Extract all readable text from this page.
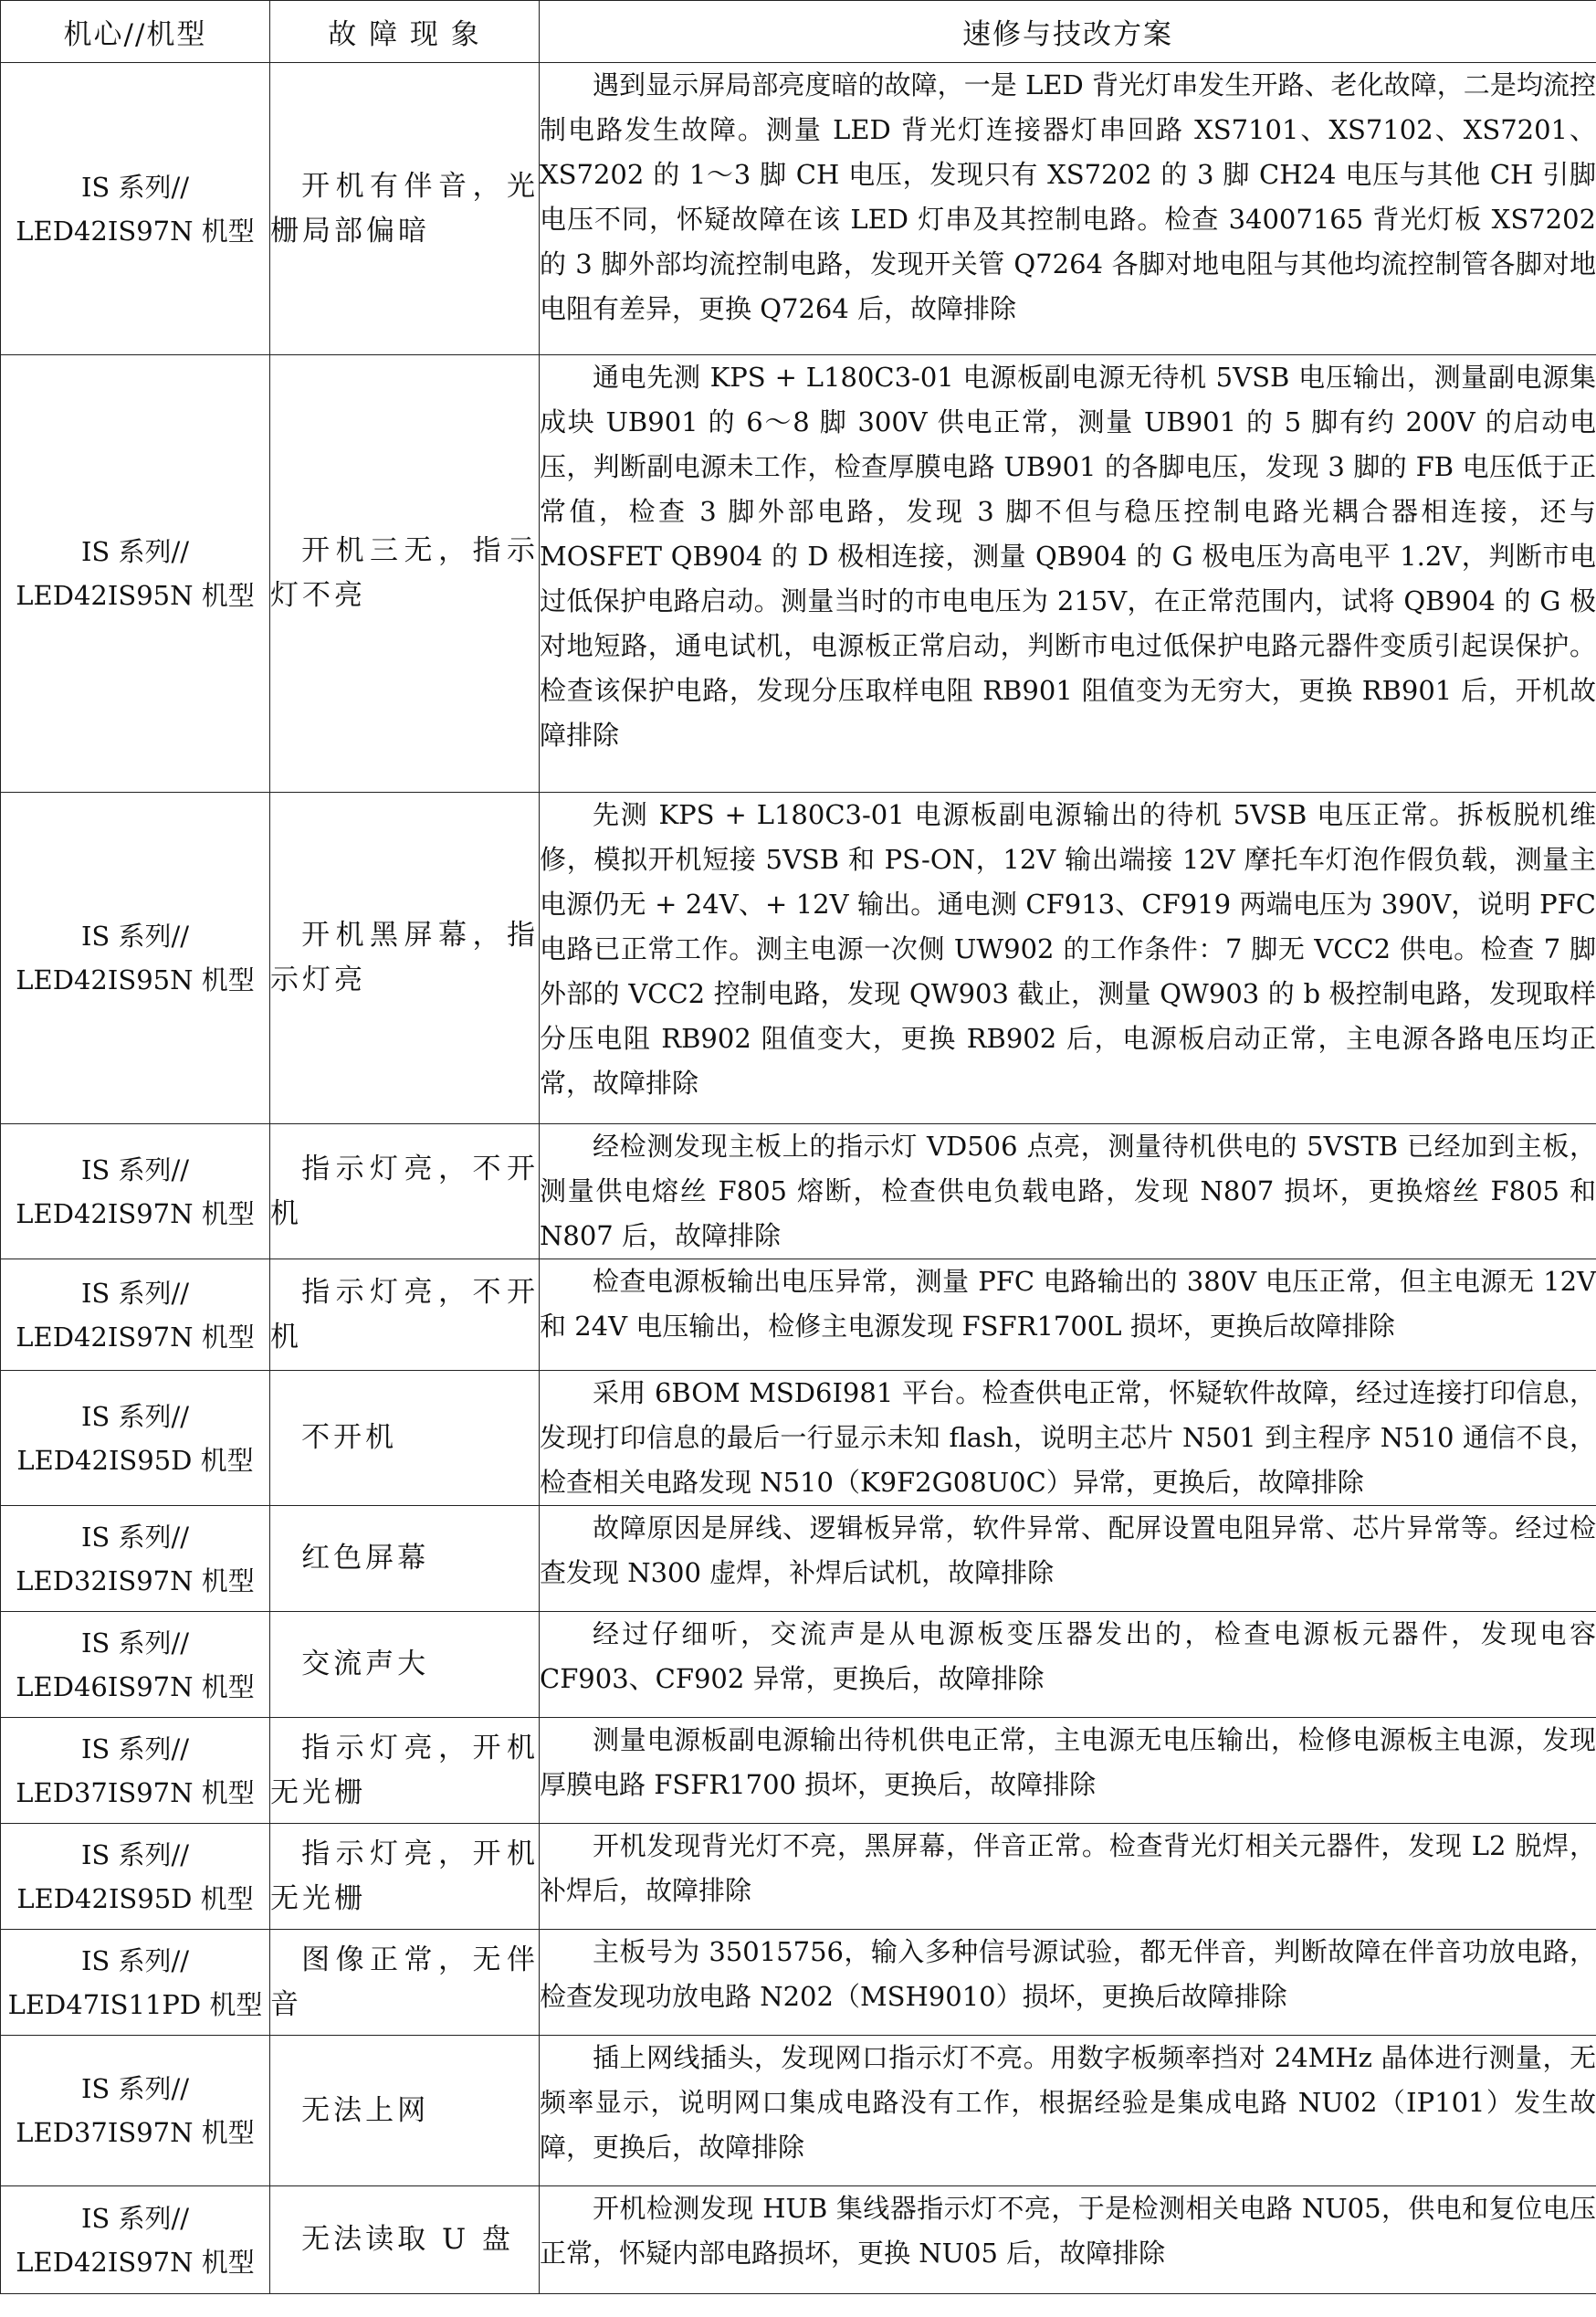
机心//机型	故 障 现 象	速修与技改方案

IS 系列//
LED42IS97N 机型	开机有伴音，光栅局部偏暗	遇到显示屏局部亮度暗的故障，一是 LED 背光灯串发生开路、老化故障，二是均流控制电路发生故障。测量 LED 背光灯连接器灯串回路 XS7101、XS7102、XS7201、XS7202 的 1～3 脚 CH 电压，发现只有 XS7202 的 3 脚 CH24 电压与其他 CH 引脚电压不同，怀疑故障在该 LED 灯串及其控制电路。检查 34007165 背光灯板 XS7202 的 3 脚外部均流控制电路，发现开关管 Q7264 各脚对地电阻与其他均流控制管各脚对地电阻有差异，更换 Q7264 后，故障排除

IS 系列//
LED42IS95N 机型	开机三无，指示灯不亮	通电先测 KPS + L180C3-01 电源板副电源无待机 5VSB 电压输出，测量副电源集成块 UB901 的 6～8 脚 300V 供电正常，测量 UB901 的 5 脚有约 200V 的启动电压，判断副电源未工作，检查厚膜电路 UB901 的各脚电压，发现 3 脚的 FB 电压低于正常值，检查 3 脚外部电路，发现 3 脚不但与稳压控制电路光耦合器相连接，还与 MOSFET QB904 的 D 极相连接，测量 QB904 的 G 极电压为高电平 1.2V，判断市电过低保护电路启动。测量当时的市电电压为 215V，在正常范围内，试将 QB904 的 G 极对地短路，通电试机，电源板正常启动，判断市电过低保护电路元器件变质引起误保护。检查该保护电路，发现分压取样电阻 RB901 阻值变为无穷大，更换 RB901 后，开机故障排除

IS 系列//
LED42IS95N 机型	开机黑屏幕，指示灯亮	先测 KPS + L180C3-01 电源板副电源输出的待机 5VSB 电压正常。拆板脱机维修，模拟开机短接 5VSB 和 PS-ON，12V 输出端接 12V 摩托车灯泡作假负载，测量主电源仍无 + 24V、+ 12V 输出。通电测 CF913、CF919 两端电压为 390V，说明 PFC 电路已正常工作。测主电源一次侧 UW902 的工作条件：7 脚无 VCC2 供电。检查 7 脚外部的 VCC2 控制电路，发现 QW903 截止，测量 QW903 的 b 极控制电路，发现取样分压电阻 RB902 阻值变大，更换 RB902 后，电源板启动正常，主电源各路电压均正常，故障排除

IS 系列//
LED42IS97N 机型	指示灯亮，不开机	经检测发现主板上的指示灯 VD506 点亮，测量待机供电的 5VSTB 已经加到主板，测量供电熔丝 F805 熔断，检查供电负载电路，发现 N807 损坏，更换熔丝 F805 和 N807 后，故障排除

IS 系列//
LED42IS97N 机型	指示灯亮，不开机	检查电源板输出电压异常，测量 PFC 电路输出的 380V 电压正常，但主电源无 12V 和 24V 电压输出，检修主电源发现 FSFR1700L 损坏，更换后故障排除

IS 系列//
LED42IS95D 机型	不开机	采用 6BOM MSD6I981 平台。检查供电正常，怀疑软件故障，经过连接打印信息，发现打印信息的最后一行显示未知 flash，说明主芯片 N501 到主程序 N510 通信不良，检查相关电路发现 N510（K9F2G08U0C）异常，更换后，故障排除

IS 系列//
LED32IS97N 机型	红色屏幕	故障原因是屏线、逻辑板异常，软件异常、配屏设置电阻异常、芯片异常等。经过检查发现 N300 虚焊，补焊后试机，故障排除

IS 系列//
LED46IS97N 机型	交流声大	经过仔细听，交流声是从电源板变压器发出的，检查电源板元器件，发现电容 CF903、CF902 异常，更换后，故障排除

IS 系列//
LED37IS97N 机型	指示灯亮，开机无光栅	测量电源板副电源输出待机供电正常，主电源无电压输出，检修电源板主电源，发现厚膜电路 FSFR1700 损坏，更换后，故障排除

IS 系列//
LED42IS95D 机型	指示灯亮，开机无光栅	开机发现背光灯不亮，黑屏幕，伴音正常。检查背光灯相关元器件，发现 L2 脱焊，补焊后，故障排除

IS 系列//
LED47IS11PD 机型	图像正常，无伴音	主板号为 35015756，输入多种信号源试验，都无伴音，判断故障在伴音功放电路，检查发现功放电路 N202（MSH9010）损坏，更换后故障排除

IS 系列//
LED37IS97N 机型	无法上网	插上网线插头，发现网口指示灯不亮。用数字板频率挡对 24MHz 晶体进行测量，无频率显示，说明网口集成电路没有工作，根据经验是集成电路 NU02（IP101）发生故障，更换后，故障排除

IS 系列//
LED42IS97N 机型	无法读取 U 盘	开机检测发现 HUB 集线器指示灯不亮，于是检测相关电路 NU05，供电和复位电压正常，怀疑内部电路损坏，更换 NU05 后，故障排除
